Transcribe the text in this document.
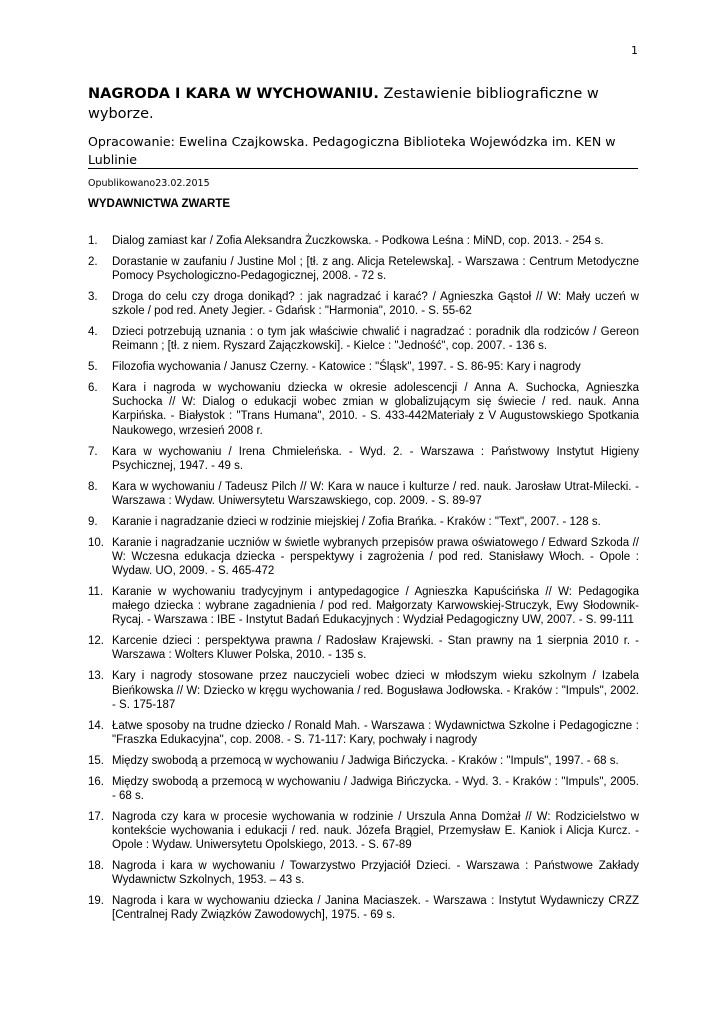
1

NAGRODA I KARA W WYCHOWANIU. Zestawienie bibliograficzne w wyborze.

Opracowanie: Ewelina Czajkowska. Pedagogiczna Biblioteka Wojewódzka im. KEN w Lublinie
Opublikowano23.02.2015
WYDAWNICTWA ZWARTE
1.	Dialog zamiast kar / Zofia Aleksandra Żuczkowska. - Podkowa Leśna : MiND, cop. 2013. - 254 s.
2.	Dorastanie w zaufaniu / Justine Mol ; [tł. z ang. Alicja Retelewska]. - Warszawa : Centrum Metodyczne Pomocy Psychologiczno-Pedagogicznej, 2008. - 72 s.
3.	Droga do celu czy droga donikąd? : jak nagradzać i karać? / Agnieszka Gąstoł // W: Mały uczeń w szkole / pod red. Anety Jegier. - Gdańsk : "Harmonia", 2010. - S. 55-62
4.	Dzieci potrzebują uznania : o tym jak właściwie chwalić i nagradzać : poradnik dla rodziców / Gereon Reimann ; [tł. z niem. Ryszard Zajączkowski]. - Kielce : "Jedność", cop. 2007. - 136 s.
5.	Filozofia wychowania / Janusz Czerny. - Katowice : "Śląsk", 1997. - S. 86-95: Kary i nagrody
6.	Kara i nagroda w wychowaniu dziecka w okresie adolescencji / Anna A. Suchocka, Agnieszka Suchocka // W: Dialog o edukacji wobec zmian w globalizującym się świecie / red. nauk. Anna Karpińska. - Białystok : "Trans Humana", 2010. - S. 433-442Materiały z V Augustowskiego Spotkania Naukowego, wrzesień 2008 r.
7.	Kara w wychowaniu / Irena Chmieleńska. - Wyd. 2. - Warszawa : Państwowy Instytut Higieny Psychicznej, 1947. - 49 s.
8.	Kara w wychowaniu / Tadeusz Pilch // W: Kara w nauce i kulturze / red. nauk. Jarosław Utrat-Milecki. - Warszawa : Wydaw. Uniwersytetu Warszawskiego, cop. 2009. - S. 89-97
9.	Karanie i nagradzanie dzieci w rodzinie miejskiej / Zofia Brańka. - Kraków : "Text", 2007. - 128 s.
10. Karanie i nagradzanie uczniów w świetle wybranych przepisów prawa oświatowego / Edward Szkoda // W: Wczesna edukacja dziecka - perspektywy i zagrożenia / pod red. Stanisławy Włoch. - Opole : Wydaw. UO, 2009. - S. 465-472
11. Karanie w wychowaniu tradycyjnym i antypedagogice / Agnieszka Kapuścińska // W: Pedagogika małego dziecka : wybrane zagadnienia / pod red. Małgorzaty Karwowskiej-Struczyk, Ewy Słodownik-Rycaj. - Warszawa : IBE - Instytut Badań Edukacyjnych : Wydział Pedagogiczny UW, 2007. - S. 99-111
12. Karcenie dzieci : perspektywa prawna / Radosław Krajewski. - Stan prawny na 1 sierpnia 2010 r. - Warszawa : Wolters Kluwer Polska, 2010. - 135 s.
13. Kary i nagrody stosowane przez nauczycieli wobec dzieci w młodszym wieku szkolnym / Izabela Bieńkowska // W: Dziecko w kręgu wychowania / red. Bogusława Jodłowska. - Kraków : "Impuls", 2002. - S. 175-187
14. Łatwe sposoby na trudne dziecko / Ronald Mah. - Warszawa : Wydawnictwa Szkolne i Pedagogiczne : "Fraszka Edukacyjna", cop. 2008. - S. 71-117: Kary, pochwały i nagrody
15. Między swobodą a przemocą w wychowaniu / Jadwiga Bińczycka. - Kraków : "Impuls", 1997. - 68 s.
16. Między swobodą a przemocą w wychowaniu / Jadwiga Bińczycka. - Wyd. 3. - Kraków : "Impuls", 2005. - 68 s.
17. Nagroda czy kara w procesie wychowania w rodzinie / Urszula Anna Domżał // W: Rodzicielstwo w kontekście wychowania i edukacji / red. nauk. Józefa Brągiel, Przemysław E. Kaniok i Alicja Kurcz. - Opole : Wydaw. Uniwersytetu Opolskiego, 2013. - S. 67-89
18. Nagroda i kara w wychowaniu / Towarzystwo Przyjaciół Dzieci. - Warszawa : Państwowe Zakłady Wydawnictw Szkolnych, 1953. – 43 s.
19. Nagroda i kara w wychowaniu dziecka / Janina Maciaszek. - Warszawa : Instytut Wydawniczy CRZZ [Centralnej Rady Związków Zawodowych], 1975. - 69 s.
